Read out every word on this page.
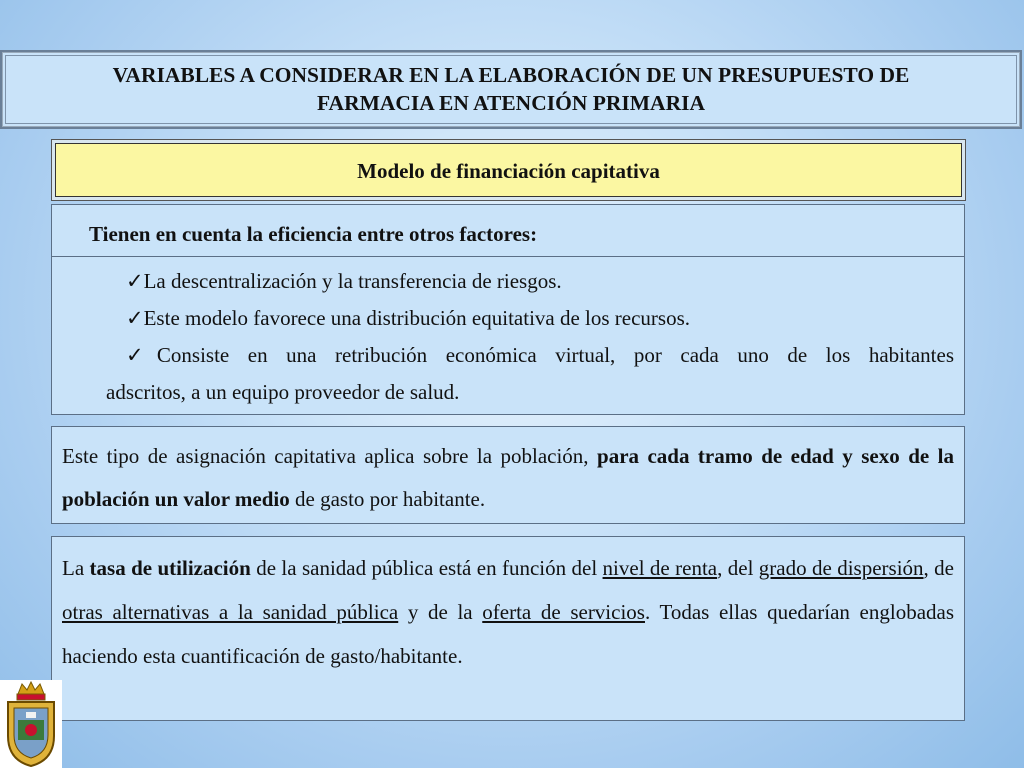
VARIABLES A CONSIDERAR EN LA ELABORACIÓN DE UN PRESUPUESTO DE
FARMACIA EN ATENCIÓN PRIMARIA
Modelo de financiación capitativa
Tienen en cuenta la eficiencia entre otros factores:

✓La descentralización y la transferencia de riesgos.

✓Este modelo favorece una distribución equitativa de los recursos.

✓Consiste en una retribución económica virtual, por cada uno de los habitantes

adscritos, a un equipo proveedor de salud.

Este tipo de asignación capitativa aplica sobre la población, para cada tramo de edad y sexo de la población un valor medio de gasto por habitante.
La tasa de utilización de la sanidad pública está en función del nivel de renta, del grado de dispersión, de otras alternativas a la sanidad pública y de la oferta de servicios. Todas ellas quedarían englobadas haciendo esta cuantificación de gasto/habitante.
